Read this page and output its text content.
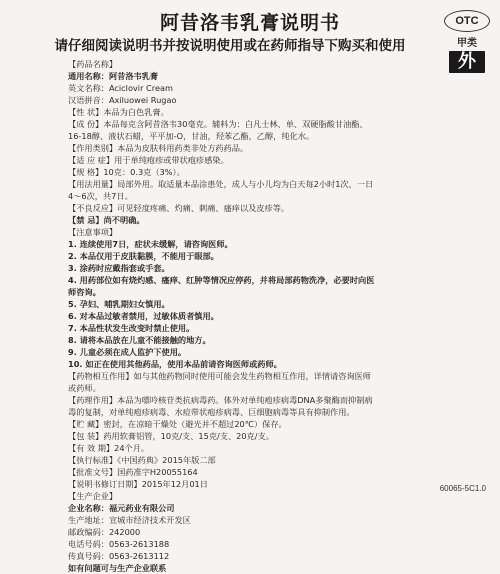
阿昔洛韦乳膏说明书
请仔细阅读说明书并按说明使用或在药师指导下购买和使用
OTC
甲类
外
【药品名称】
通用名称：阿昔洛韦乳膏
英文名称：Aciclovir Cream
汉语拼音：Axiluowei Rugao
【性 状】本品为白色乳膏。
【成 份】本品每克含阿昔洛韦30毫克。辅料为：白凡士林、单、双硬脂酸甘油酯、
16-18醇、液状石蜡，平平加-O，甘油，羟苯乙酯，乙醇，纯化水。
【作用类别】本品为皮肤科用药类非处方药药品。
【适 应 症】用于单纯疱疹或带状疱疹感染。
【规 格】10克：0.3克（3%）。
【用法用量】局部外用。取适量本品涂患处，成人与小儿均为白天每2小时1次，一日
4～6次，共7日。
【不良反应】可见轻度疼痛、灼痛、刺痛、瘙痒以及皮疹等。
【禁 忌】尚不明确。
【注意事项】
1. 连续使用7日，症状未缓解，请咨询医师。
2. 本品仅用于皮肤黏膜，不能用于眼部。
3. 涂药时应戴指套或手套。
4. 用药部位如有烧灼感、瘙痒、红肿等情况应停药，并将局部药物洗净，必要时向医
师咨询。
5. 孕妇、哺乳期妇女慎用。
6. 对本品过敏者禁用，过敏体质者慎用。
7. 本品性状发生改变时禁止使用。
8. 请将本品放在儿童不能接触的地方。
9. 儿童必须在成人监护下使用。
10. 如正在使用其他药品，使用本品前请咨询医师或药师。
【药物相互作用】如与其他药物同时使用可能会发生药物相互作用，详情请咨询医师
或药师。
【药理作用】本品为嘌呤核苷类抗病毒药。体外对单纯疱疹病毒DNA多聚酶而抑制病
毒的复制，对单纯疱疹病毒、水痘带状疱疹病毒、巨细胞病毒等具有抑制作用。
【贮 藏】密封，在凉暗干燥处（避光并不超过20℃）保存。
【包 装】药用软膏铝管，10克/支、15克/支、20克/支。
【有 效 期】24个月。
【执行标准】《中国药典》2015年版二部
【批准文号】国药准字H20055164
【说明书修订日期】2015年12月01日
【生产企业】
企业名称：福元药业有限公司
生产地址：宣城市经济技术开发区
邮政编码：242000
电话号码：0563-2613188
传真号码：0563-2613112
如有问题可与生产企业联系
60065-5C1.0
